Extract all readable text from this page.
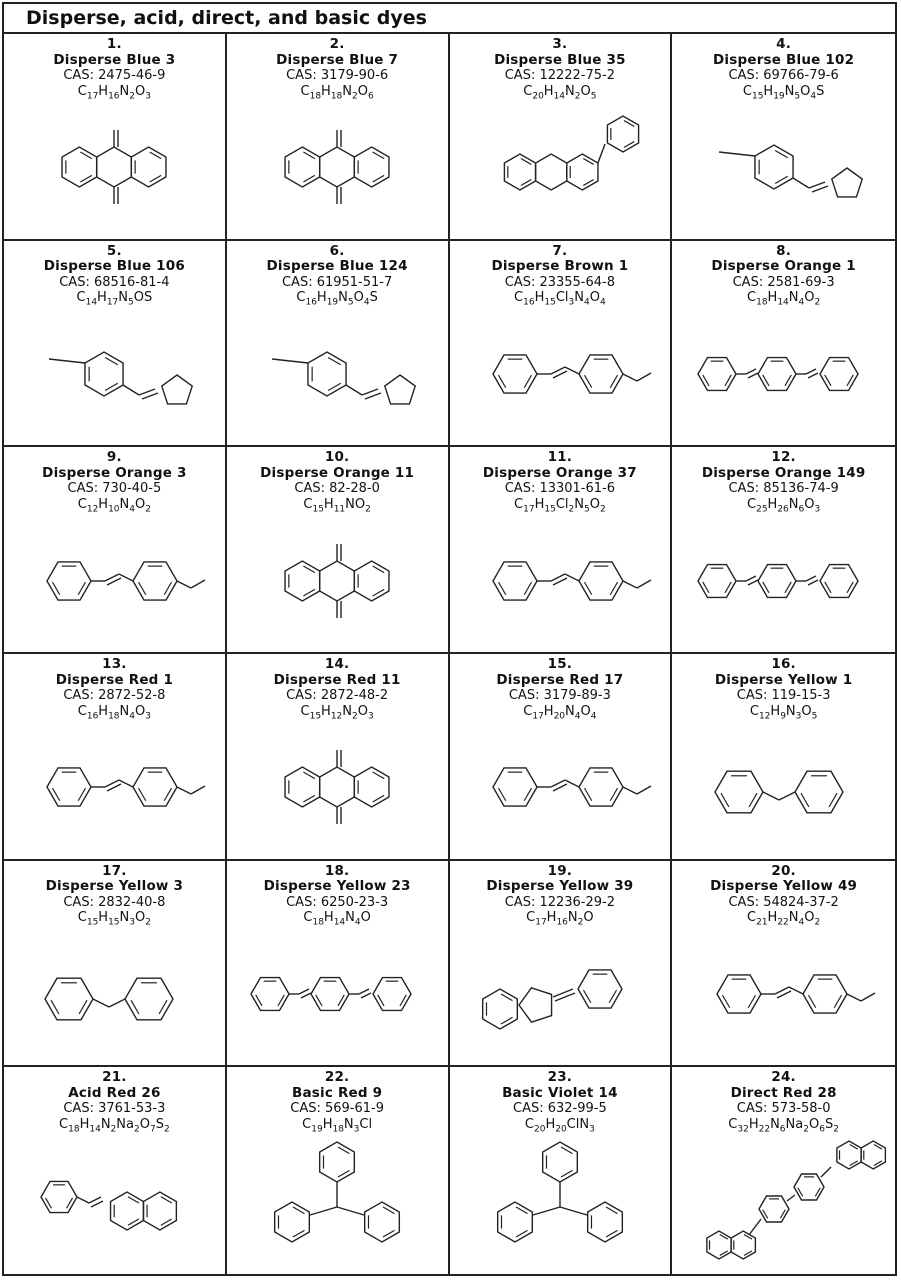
Disperse, acid, direct, and basic dyes
1.
Disperse Blue 3
CAS: 2475-46-9
$C_{17}H_{16}N_2O_3$
2.
Disperse Blue 7
CAS: 3179-90-6
$C_{18}H_{18}N_2O_6$
3.
Disperse Blue 35
CAS: 12222-75-2
$C_{20}H_{14}N_2O_5$
4.
Disperse Blue 102
CAS: 69766-79-6
$C_{15}H_{19}N_5O_4S$
5.
Disperse Blue 106
CAS: 68516-81-4
$C_{14}H_{17}N_5OS$
6.
Disperse Blue 124
CAS: 61951-51-7
$C_{16}H_{19}N_5O_4S$
7.
Disperse Brown 1
CAS: 23355-64-8
$C_{16}H_{15}Cl_3N_4O_4$
8.
Disperse Orange 1
CAS: 2581-69-3
$C_{18}H_{14}N_4O_2$
9.
Disperse Orange 3
CAS: 730-40-5
$C_{12}H_{10}N_4O_2$
10.
Disperse Orange 11
CAS: 82-28-0
$C_{15}H_{11}NO_2$
11.
Disperse Orange 37
CAS: 13301-61-6
$C_{17}H_{15}Cl_2N_5O_2$
12.
Disperse Orange 149
CAS: 85136-74-9
$C_{25}H_{26}N_6O_3$
13.
Disperse Red 1
CAS: 2872-52-8
$C_{16}H_{18}N_4O_3$
14.
Disperse Red 11
CAS: 2872-48-2
$C_{15}H_{12}N_2O_3$
15.
Disperse Red 17
CAS: 3179-89-3
$C_{17}H_{20}N_4O_4$
16.
Disperse Yellow 1
CAS: 119-15-3
$C_{12}H_9N_3O_5$
17.
Disperse Yellow 3
CAS: 2832-40-8
$C_{15}H_{15}N_3O_2$
18.
Disperse Yellow 23
CAS: 6250-23-3
$C_{18}H_{14}N_4O$
19.
Disperse Yellow 39
CAS: 12236-29-2
$C_{17}H_{16}N_2O$
20.
Disperse Yellow 49
CAS: 54824-37-2
$C_{21}H_{22}N_4O_2$
21.
Acid Red 26
CAS: 3761-53-3
$C_{18}H_{14}N_2Na_2O_7S_2$
22.
Basic Red 9
CAS: 569-61-9
$C_{19}H_{18}N_3Cl$
23.
Basic Violet 14
CAS: 632-99-5
$C_{20}H_{20}ClN_3$
24.
Direct Red 28
CAS: 573-58-0
$C_{32}H_{22}N_6Na_2O_6S_2$
